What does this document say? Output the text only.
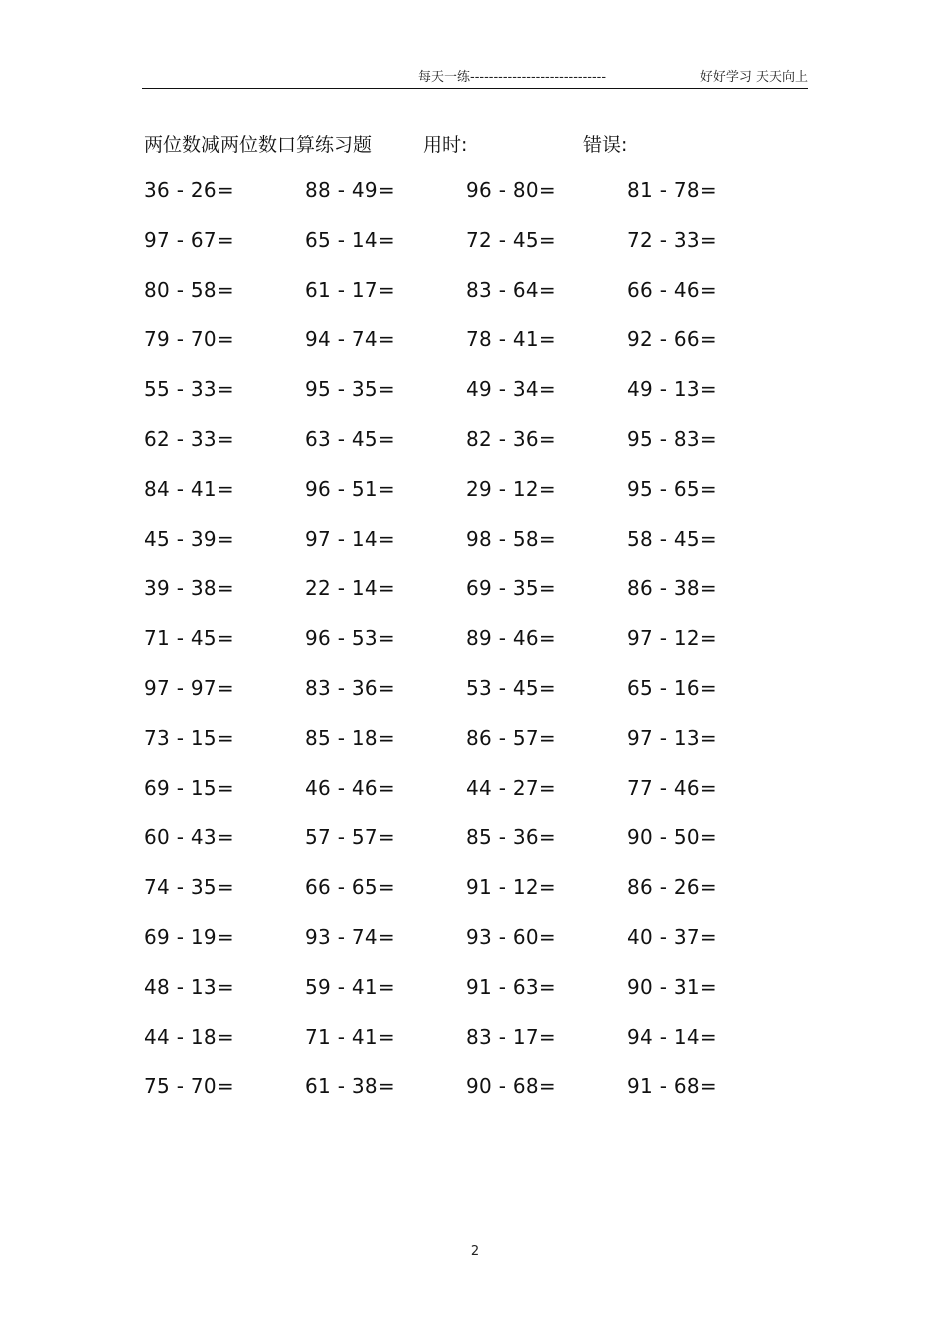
每天一练-----------------------------	好好学习 天天向上
两位数减两位数口算练习题	用时:	错误:
36 - 26=	88 - 49=	96 - 80=	81 - 78=
97 - 67=	65 - 14=	72 - 45=	72 - 33=
80 - 58=	61 - 17=	83 - 64=	66 - 46=
79 - 70=	94 - 74=	78 - 41=	92 - 66=
55 - 33=	95 - 35=	49 - 34=	49 - 13=
62 - 33=	63 - 45=	82 - 36=	95 - 83=
84 - 41=	96 - 51=	29 - 12=	95 - 65=
45 - 39=	97 - 14=	98 - 58=	58 - 45=
39 - 38=	22 - 14=	69 - 35=	86 - 38=
71 - 45=	96 - 53=	89 - 46=	97 - 12=
97 - 97=	83 - 36=	53 - 45=	65 - 16=
73 - 15=	85 - 18=	86 - 57=	97 - 13=
69 - 15=	46 - 46=	44 - 27=	77 - 46=
60 - 43=	57 - 57=	85 - 36=	90 - 50=
74 - 35=	66 - 65=	91 - 12=	86 - 26=
69 - 19=	93 - 74=	93 - 60=	40 - 37=
48 - 13=	59 - 41=	91 - 63=	90 - 31=
44 - 18=	71 - 41=	83 - 17=	94 - 14=
75 - 70=	61 - 38=	90 - 68=	91 - 68=
2
